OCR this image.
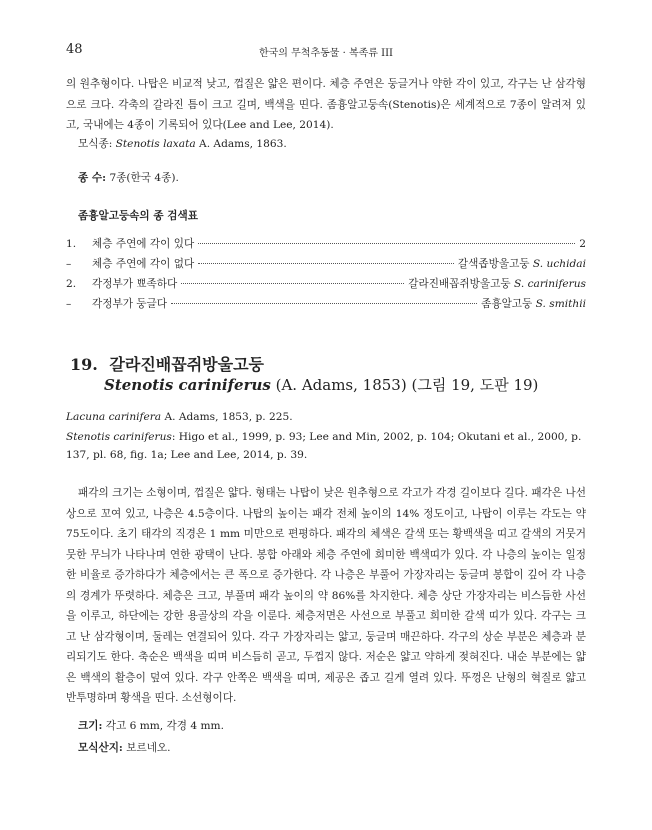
48	한국의 무척추동물 · 복족류 III

의 원추형이다. 나탑은 비교적 낮고, 껍질은 얇은 편이다. 체층 주연은 둥글거나 약한 각이 있고, 각구는 난 삼각형으로 크다. 각축의 갈라진 틈이 크고 길며, 백색을 띤다. 좀흉알고둥속(Stenotis)은 세계적으로 7종이 알려져 있고, 국내에는 4종이 기록되어 있다(Lee and Lee, 2014).

모식종: Stenotis laxata A. Adams, 1863.

종 수: 7종(한국 4종).

좀흉알고둥속의 종 검색표

1.	체층 주연에 각이 있다	2
–	체층 주연에 각이 없다	갈색좁방울고둥 S. uchidai
2.	각정부가 뾰족하다	갈라진배꼽쥐방울고둥 S. cariniferus
–	각정부가 둥글다	좀흉알고둥 S. smithii
19. 갈라진배꼽쥐방울고둥
Stenotis cariniferus (A. Adams, 1853) (그림 19, 도판 19)

Lacuna carinifera A. Adams, 1853, p. 225.

Stenotis cariniferus: Higo et al., 1999, p. 93; Lee and Min, 2002, p. 104; Okutani et al., 2000, p. 137, pl. 68, fig. 1a; Lee and Lee, 2014, p. 39.

패각의 크기는 소형이며, 껍질은 얇다. 형태는 나탑이 낮은 원추형으로 각고가 각경 길이보다 길다. 패각은 나선상으로 꼬여 있고, 나층은 4.5층이다. 나탑의 높이는 패각 전체 높이의 14% 정도이고, 나탑이 이루는 각도는 약 75도이다. 초기 태각의 직경은 1 mm 미만으로 편평하다. 패각의 체색은 갈색 또는 황백색을 띠고 갈색의 거뭇거뭇한 무늬가 나타나며 연한 광택이 난다. 봉합 아래와 체층 주연에 희미한 백색띠가 있다. 각 나층의 높이는 일정한 비율로 증가하다가 체층에서는 큰 폭으로 증가한다. 각 나층은 부풀어 가장자리는 둥글며 봉합이 깊어 각 나층의 경계가 뚜렷하다. 체층은 크고, 부풀며 패각 높이의 약 86%를 차지한다. 체층 상단 가장자리는 비스듬한 사선을 이루고, 하단에는 강한 용골상의 각을 이룬다. 체층저면은 사선으로 부풀고 희미한 갈색 띠가 있다. 각구는 크고 난 삼각형이며, 둘레는 연결되어 있다. 각구 가장자리는 얇고, 둥글며 매끈하다. 각구의 상순 부분은 체층과 분리되기도 한다. 축순은 백색을 띠며 비스듬히 곧고, 두껍지 않다. 저순은 얇고 약하게 젖혀진다. 내순 부분에는 얇은 백색의 활층이 덮여 있다. 각구 안쪽은 백색을 띠며, 제공은 좁고 길게 열려 있다. 뚜껑은 난형의 혁질로 얇고 반투명하며 황색을 띤다. 소선형이다.

크기: 각고 6 mm, 각경 4 mm.

모식산지: 보르네오.
